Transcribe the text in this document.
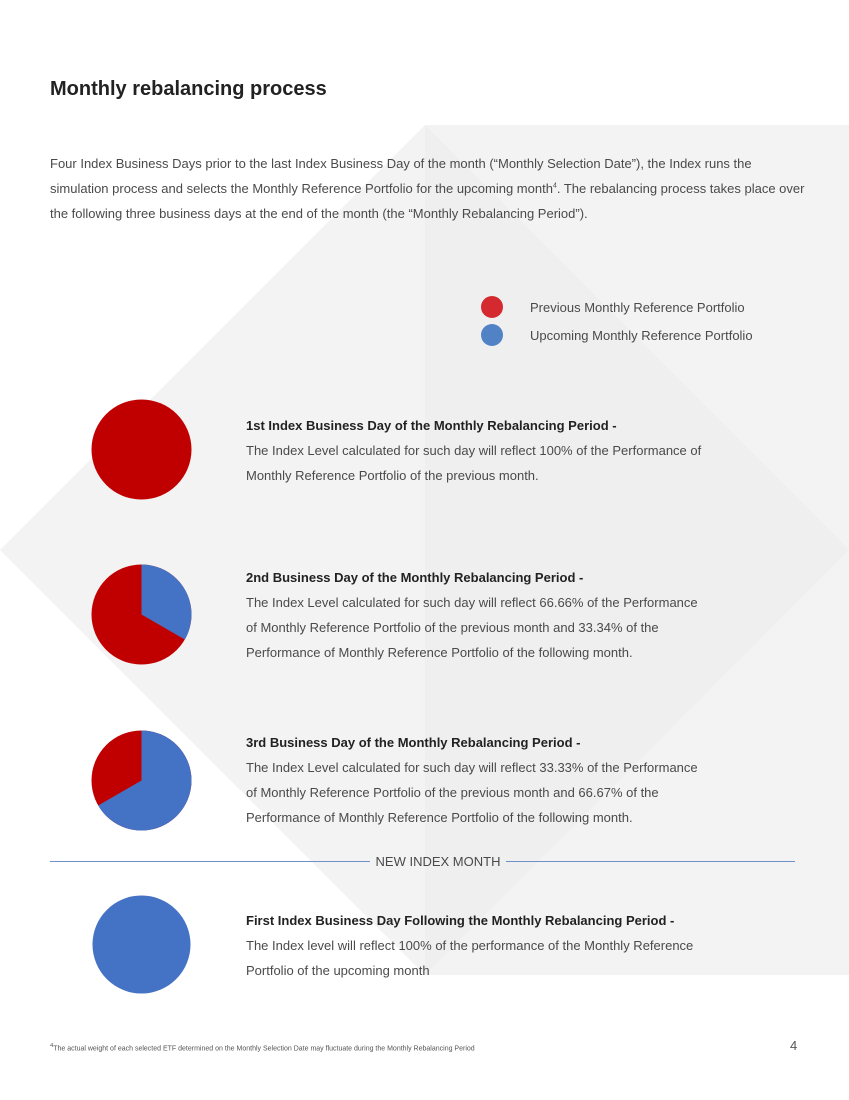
Monthly rebalancing process

Four Index Business Days prior to the last Index Business Day of the month (“Monthly Selection Date”), the Index runs the simulation process and selects the Monthly Reference Portfolio for the upcoming month$^4$. The rebalancing process takes place over the following three business days at the end of the month (the “Monthly Rebalancing Period”).

Previous Monthly Reference Portfolio
Upcoming Monthly Reference Portfolio
1st Index Business Day of the Monthly Rebalancing Period -
The Index Level calculated for such day will reflect 100% of the Performance of
Monthly Reference Portfolio of the previous month.
2nd Business Day of the Monthly Rebalancing Period -
The Index Level calculated for such day will reflect 66.66% of the Performance
of Monthly Reference Portfolio of the previous month and 33.34% of the
Performance of Monthly Reference Portfolio of the following month.
3rd Business Day of the Monthly Rebalancing Period -
The Index Level calculated for such day will reflect 33.33% of the Performance
of Monthly Reference Portfolio of the previous month and 66.67% of the
Performance of Monthly Reference Portfolio of the following month.
NEW INDEX MONTH
First Index Business Day Following the Monthly Rebalancing Period -
The Index level will reflect 100% of the performance of the Monthly Reference
Portfolio of the upcoming month
$^4$The actual weight of each selected ETF determined on the Monthly Selection Date may fluctuate during the Monthly Rebalancing Period	4
